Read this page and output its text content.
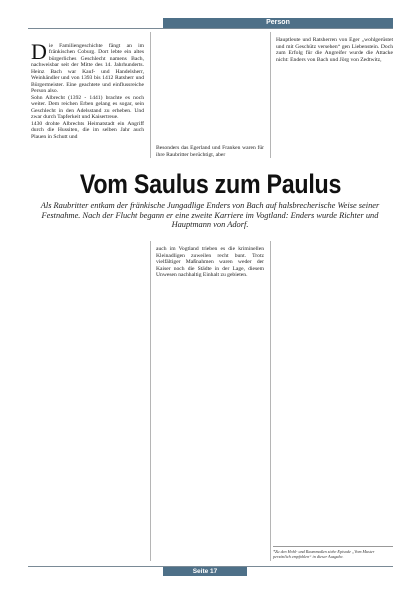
Person

Die Familiengeschichte fängt an im fränkischen Coburg. Dort lebte ein altes bürgerliches Geschlecht namens Bach, nachweisbar seit der Mitte des 14. Jahrhunderts. Heinz Bach war Kauf- und Handelsherr, Weinhändler und von 1393 bis 1412 Ratsherr und Bürgermeister. Eine geachtete und einflussreiche Person also.
Sohn Albrecht (1392 - 1441) brachte es noch weiter. Dem reichen Erben gelang es sogar, sein Geschlecht in den Adelsstand zu erheben. Und zwar durch Tapferkeit und Kaisertreue.
1430 drohte Albrechts Heimatstadt ein Angriff durch die Hussiten, die im selben Jahr auch Plauen in Schutt und

Besonders das Egerland und Franken waren für ihre Raubritter berüchtigt, aber
Hauptleute und Ratsherren von Eger „wohlgerüstet und mit Geschütz versehen“ gen Liebenstein. Doch zum Erfolg für die Angreifer wurde die Attacke nicht: Enders von Bach und Jörg von Zedtwitz,
Vom Saulus zum Paulus
Als Raubritter entkam der fränkische Jungadlige Enders von Bach auf halsbrecherische Weise seiner Festnahme. Nach der Flucht begann er eine zweite Karriere im Vogtland: Enders wurde Richter und Hauptmann von Adorf.
auch im Vogtland trieben es die kriminellen Kleinadligen zuweilen recht bunt. Trotz vielfältiger Maßnahmen waren weder der Kaiser noch die Städte in der Lage, diesem Unwesen nachhaltig Einhalt zu gebieten.
*Zu den Hohl- und Raummaßen siehe Episode „Vom Muster persönlich empfohlen“ in dieser Ausgabe.
Seite 17
